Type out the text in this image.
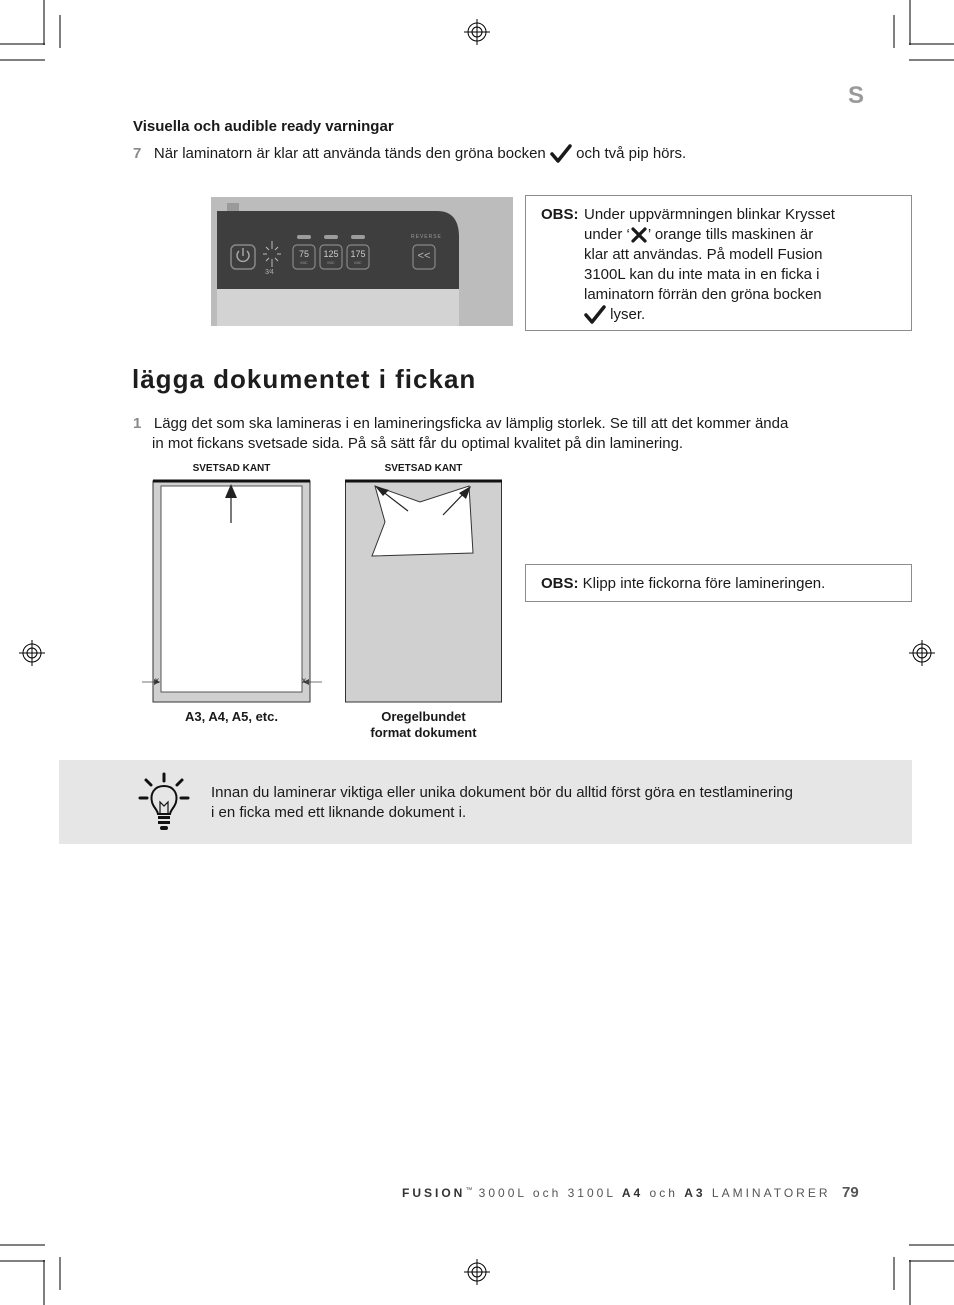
S
Visuella och audible ready varningar
7 När laminatorn är klar att använda tänds den gröna bocken och två pip hörs.
75	125	175
MIC	MIC	MIC
3⁄4
REVERSE
<<
OBS: Under uppvärmningen blinkar Krysset
under ‘ ’ orange tills maskinen är
klar att användas. På modell Fusion
3100L kan du inte mata in en ficka i
laminatorn förrän den gröna bocken
lyser.
lägga dokumentet i fickan
1 Lägg det som ska lamineras i en lamineringsficka av lämplig storlek. Se till att det kommer ända
in mot fickans svetsade sida. På så sätt får du optimal kvalitet på din laminering.
SVETSAD KANT
x	x
A3, A4, A5, etc.
SVETSAD KANT
Oregelbundet
format dokument
OBS: Klipp inte fickorna före lamineringen.
Innan du laminerar viktiga eller unika dokument bör du alltid först göra en testlaminering
i en ficka med ett liknande dokument i.
FUSION™ 3000L och 3100L A4 och A3 LAMINATORER 79
